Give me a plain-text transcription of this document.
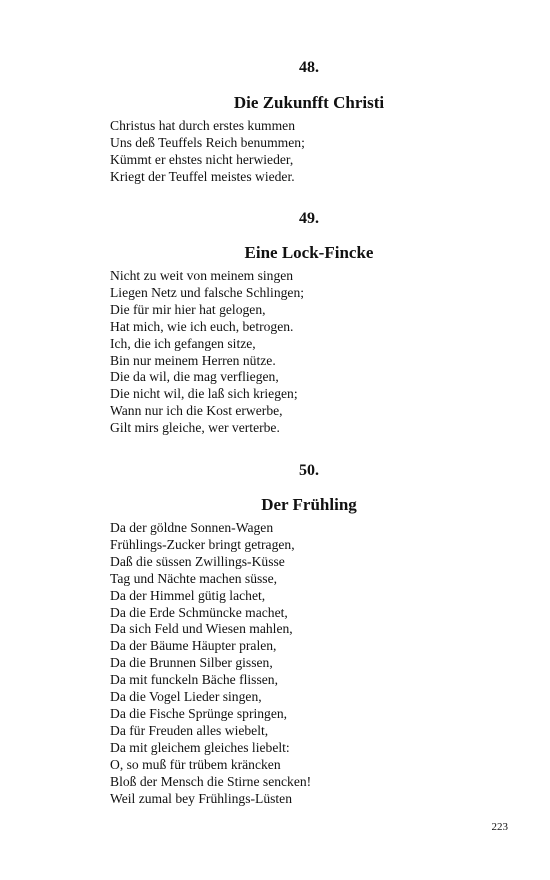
48.
Die Zukunfft Christi
Christus hat durch erstes kummen
Uns deß Teuffels Reich benummen;
Kümmt er ehstes nicht herwieder,
Kriegt der Teuffel meistes wieder.
49.
Eine Lock-Fincke
Nicht zu weit von meinem singen
Liegen Netz und falsche Schlingen;
Die für mir hier hat gelogen,
Hat mich, wie ich euch, betrogen.
Ich, die ich gefangen sitze,
Bin nur meinem Herren nütze.
Die da wil, die mag verfliegen,
Die nicht wil, die laß sich kriegen;
Wann nur ich die Kost erwerbe,
Gilt mirs gleiche, wer verterbe.
50.
Der Frühling
Da der göldne Sonnen-Wagen
Frühlings-Zucker bringt getragen,
Daß die süssen Zwillings-Küsse
Tag und Nächte machen süsse,
Da der Himmel gütig lachet,
Da die Erde Schmüncke machet,
Da sich Feld und Wiesen mahlen,
Da der Bäume Häupter pralen,
Da die Brunnen Silber gissen,
Da mit funckeln Bäche flissen,
Da die Vogel Lieder singen,
Da die Fische Sprünge springen,
Da für Freuden alles wiebelt,
Da mit gleichem gleiches liebelt:
O, so muß für trübem kräncken
Bloß der Mensch die Stirne sencken!
Weil zumal bey Frühlings-Lüsten
223
